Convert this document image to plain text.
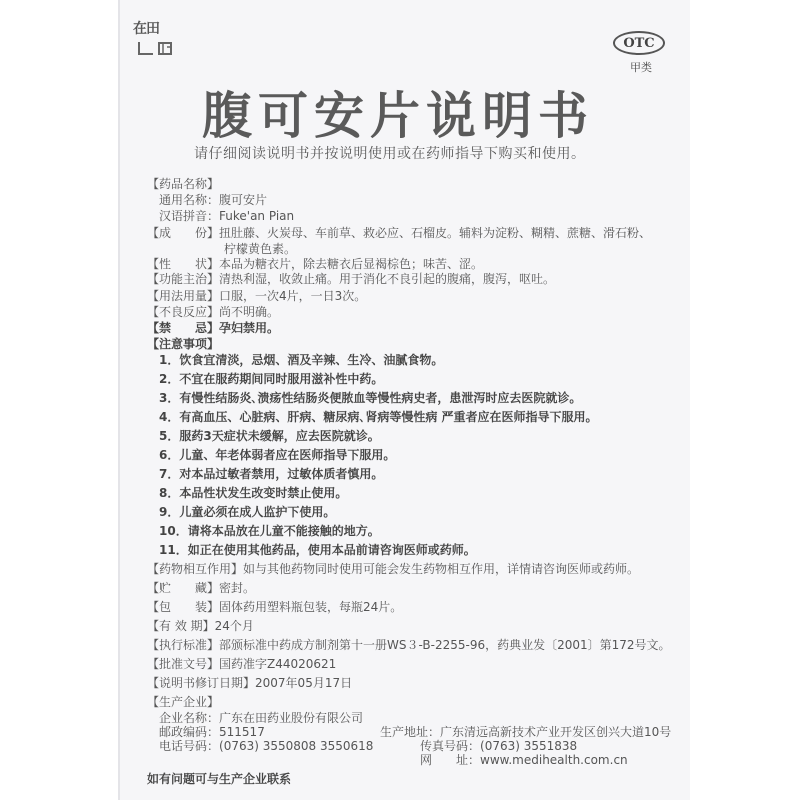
在田
OTC
甲类
腹可安片说明书
请仔细阅读说明书并按说明使用或在药师指导下购买和使用。
【药品名称】
通用名称：腹可安片
汉语拼音：Fuke'an Pian
【成　　份】扭肚藤、火炭母、车前草、救必应、石榴皮。辅料为淀粉、糊精、蔗糖、滑石粉、
柠檬黄色素。
【性　　状】本品为糖衣片，除去糖衣后显褐棕色；味苦、涩。
【功能主治】清热利湿，收敛止痛。用于消化不良引起的腹痛，腹泻，呕吐。
【用法用量】口服，一次4片，一日3次。
【不良反应】尚不明确。
【禁　　忌】孕妇禁用。
【注意事项】
1．饮食宜清淡，忌烟、酒及辛辣、生冷、油腻食物。
2．不宜在服药期间同时服用滋补性中药。
3．有慢性结肠炎､溃疡性结肠炎便脓血等慢性病史者，患泄泻时应去医院就诊。
4．有高血压、心脏病、肝病、糖尿病､肾病等慢性病 严重者应在医师指导下服用。
5．服药3天症状未缓解，应去医院就诊。
6．儿童、年老体弱者应在医师指导下服用。
7．对本品过敏者禁用，过敏体质者慎用。
8．本品性状发生改变时禁止使用。
9．儿童必须在成人监护下使用。
10．请将本品放在儿童不能接触的地方。
11．如正在使用其他药品，使用本品前请咨询医师或药师。
【药物相互作用】如与其他药物同时使用可能会发生药物相互作用，详情请咨询医师或药师。
【贮　　藏】密封。
【包　　装】固体药用塑料瓶包装，每瓶24片。
【有 效 期】24个月
【执行标准】部颁标准中药成方制剂第十一册WS３-B-2255-96，药典业发〔2001〕第172号文。
【批准文号】国药准字Z44020621
【说明书修订日期】2007年05月17日
【生产企业】
企业名称：广东在田药业股份有限公司
生产地址：广东清远高新技术产业开发区创兴大道10号
邮政编码：511517
电话号码：(0763) 3550808 3550618	传真号码：(0763) 3551838
网　　址：www.medihealth.com.cn
如有问题可与生产企业联系
